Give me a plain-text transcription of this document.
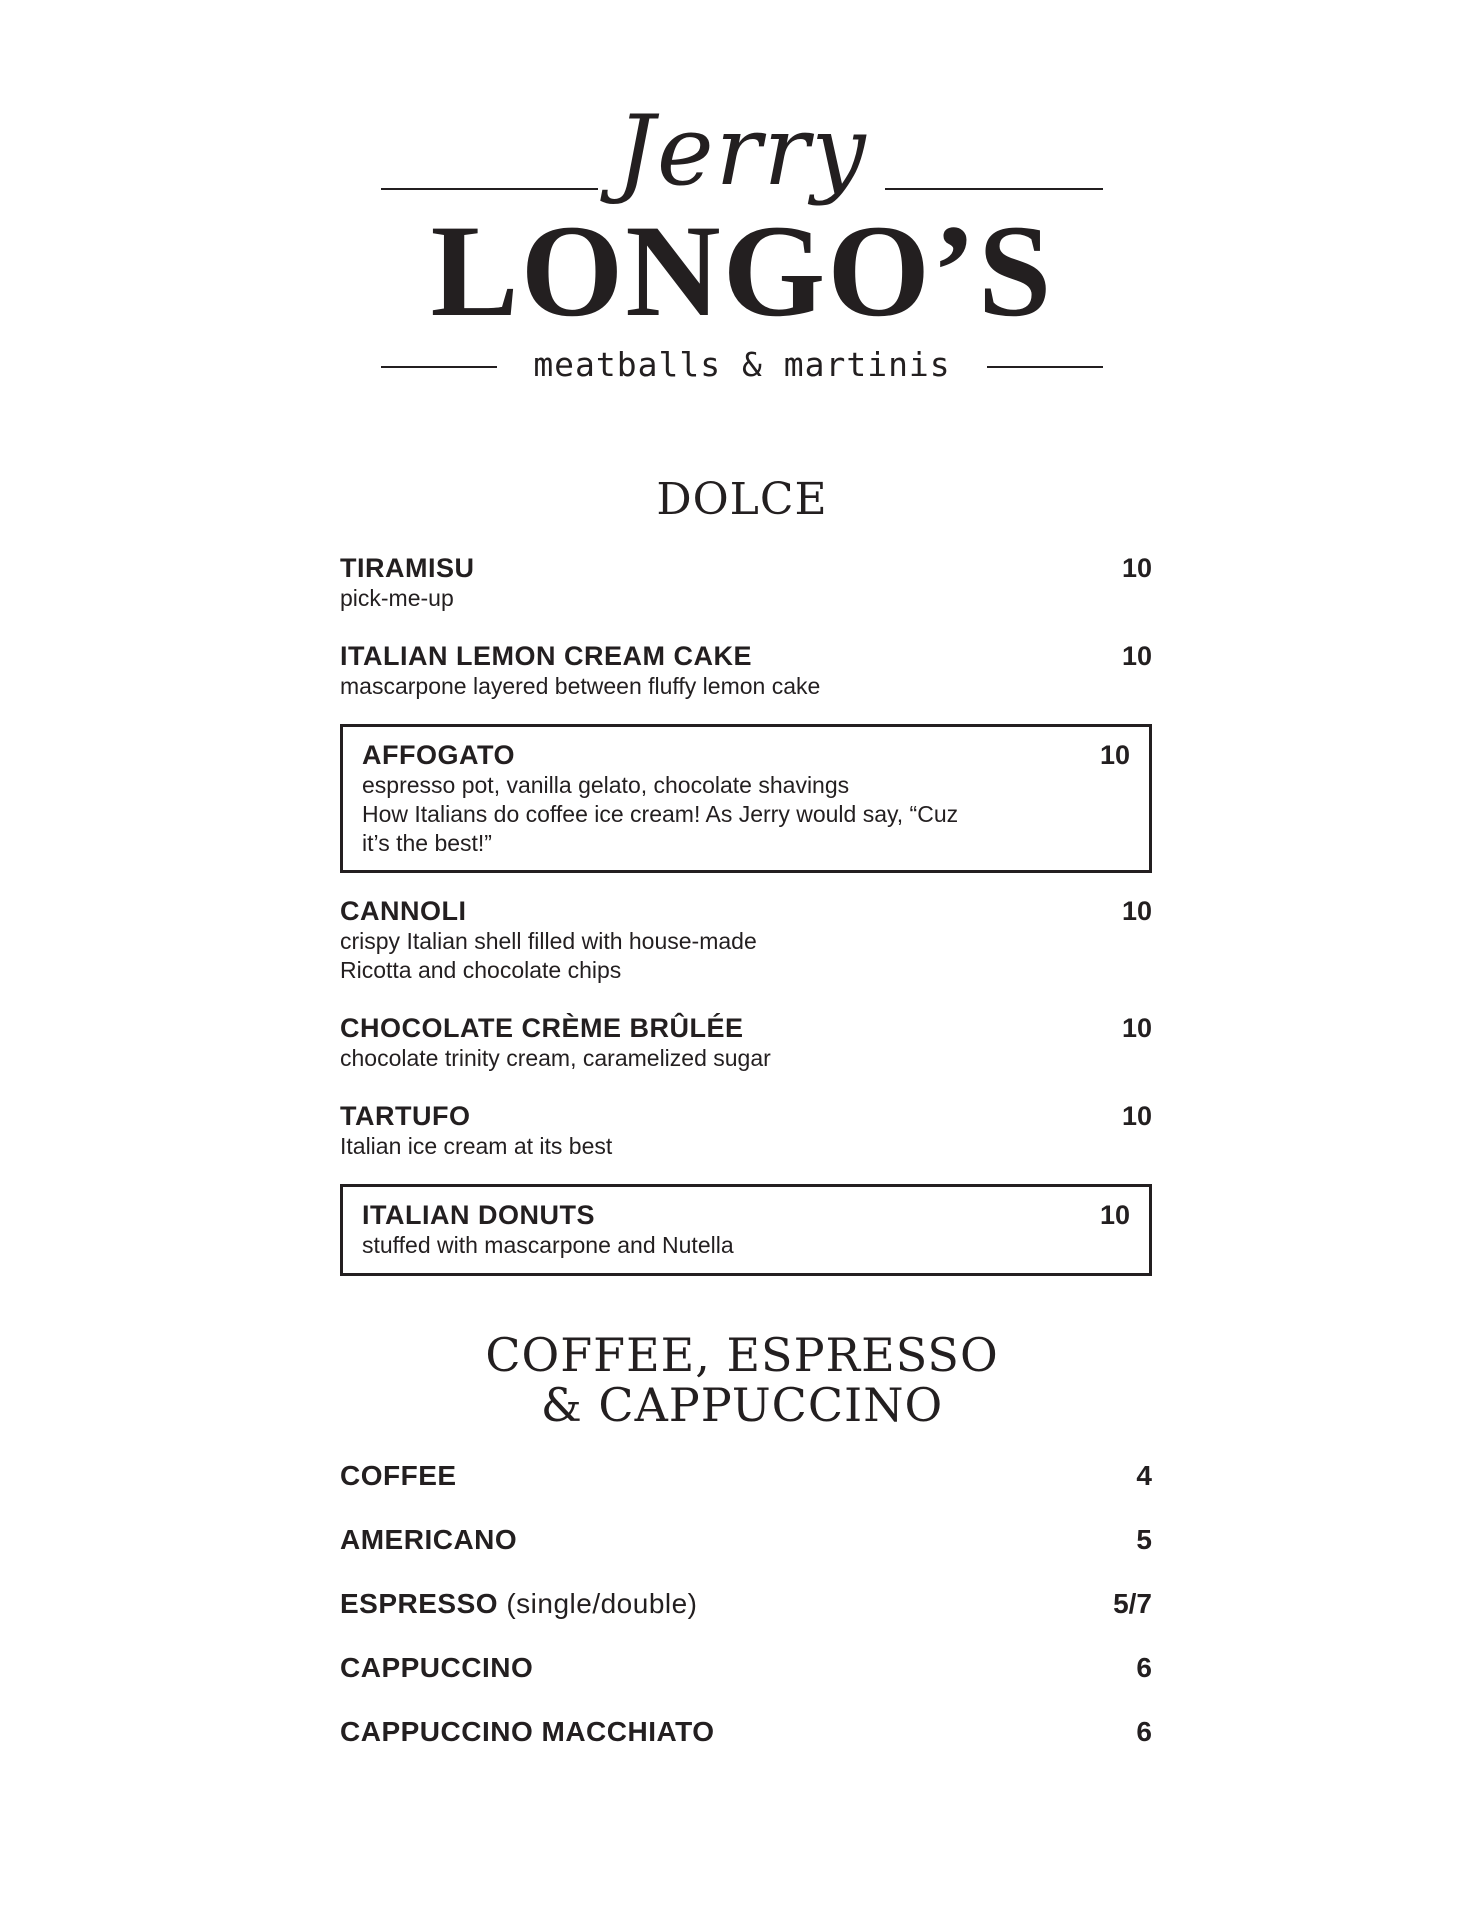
Jerry
LONGO’S
meatballs & martinis
DOLCE
TIRAMISU	10
pick-me-up
ITALIAN LEMON CREAM CAKE	10
mascarpone layered between fluffy lemon cake
AFFOGATO	10
espresso pot, vanilla gelato, chocolate shavings
How Italians do coffee ice cream! As Jerry would say, “Cuz it’s the best!”
CANNOLI	10
crispy Italian shell filled with house-made
Ricotta and chocolate chips
CHOCOLATE CRÈME BRÛLÉE	10
chocolate trinity cream, caramelized sugar
TARTUFO	10
Italian ice cream at its best
ITALIAN DONUTS	10
stuffed with mascarpone and Nutella
COFFEE, ESPRESSO
& CAPPUCCINO
COFFEE	4
AMERICANO	5
ESPRESSO (single/double)	5/7
CAPPUCCINO	6
CAPPUCCINO MACCHIATO	6
